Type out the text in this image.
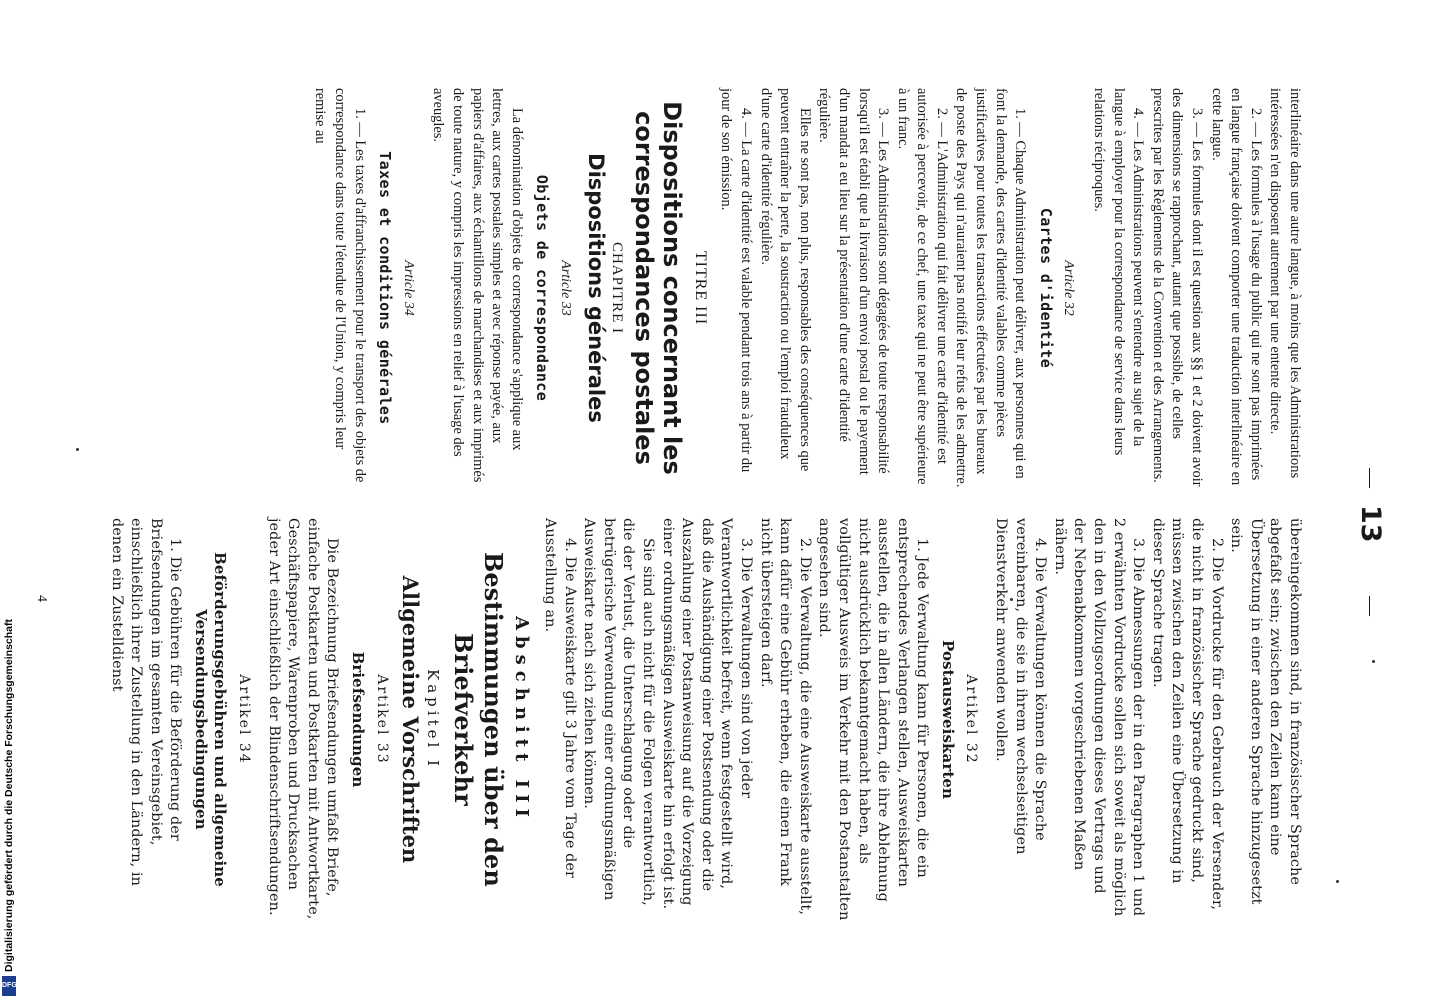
—
13
—

interlinéaire dans une autre langue, à moins que les Administrations intéressées n'en disposent autrement par une entente directe.

2. — Les formules à l'usage du public qui ne sont pas imprimées en langue française doivent comporter une traduction interlinéaire en cette langue.

3. — Les formules dont il est question aux §§ 1 et 2 doivent avoir des dimensions se rapprochant, autant que possible, de celles prescrites par les Règlements de la Convention et des Arrangements.

4. — Les Administrations peuvent s'entendre au sujet de la langue à employer pour la correspondance de service dans leurs relations réciproques.

Article 32

Cartes d'identité

1. — Chaque Administration peut délivrer, aux personnes qui en font la demande, des cartes d'identité valables comme pièces justificatives pour toutes les transactions effectuées par les bureaux de poste des Pays qui n'auraient pas notifié leur refus de les admettre.

2. — L'Administration qui fait délivrer une carte d'identité est autorisée à percevoir, de ce chef, une taxe qui ne peut être supérieure à un franc.

3. — Les Administrations sont dégagées de toute responsabilité lorsqu'il est établi que la livraison d'un envoi postal ou le payement d'un mandat a eu lieu sur la présentation d'une carte d'identité régulière.

Elles ne sont pas, non plus, responsables des conséquences que peuvent entraîner la perte, la soustraction ou l'emploi frauduleux d'une carte d'identité régulière.

4. — La carte d'identité est valable pendant trois ans à partir du jour de son émission.

TITRE III

Dispositions concernant les correspondances postales

CHAPITRE I

Dispositions générales

Article 33

Objets de correspondance

La dénomination d'objets de correspondance s'applique aux lettres, aux cartes postales simples et avec réponse payée, aux papiers d'affaires, aux échantillons de marchandises et aux imprimés de toute nature, y compris les impressions en relief à l'usage des aveugles.

Article 34

Taxes et conditions générales

1. — Les taxes d'affranchissement pour le transport des objets de correspondance dans toute l'étendue de l'Union, y compris leur remise au

übereingekommen sind, in französischer Sprache abgefaßt sein; zwischen den Zeilen kann eine Übersetzung in einer anderen Sprache hinzugesetzt sein.

2. Die Vordrucke für den Gebrauch der Versender, die nicht in französischer Sprache gedruckt sind, müssen zwischen den Zeilen eine Übersetzung in dieser Sprache tragen.

3. Die Abmessungen der in den Paragraphen 1 und 2 erwähnten Vordrucke sollen sich soweit als möglich den in den Vollzugsordnungen dieses Vertrags und der Nebenabkommen vorgeschriebenen Maßen nähern.

4. Die Verwaltungen können die Sprache vereinbaren, die sie in ihrem wechselseitigen Dienstverkehr anwenden wollen.

Artikel 32

Postausweiskarten

1. Jede Verwaltung kann für Personen, die ein entsprechendes Verlangen stellen, Ausweiskarten ausstellen, die in allen Ländern, die ihre Ablehnung nicht ausdrücklich bekanntgemacht haben, als vollgültiger Ausweis im Verkehr mit den Postanstalten angesehen sind.

2. Die Verwaltung, die eine Ausweiskarte ausstellt, kann dafür eine Gebühr erheben, die einen Frank nicht übersteigen darf.

3. Die Verwaltungen sind von jeder Verantwortlichkeit befreit, wenn festgestellt wird, daß die Aushändigung einer Postsendung oder die Auszahlung einer Postanweisung auf die Vorzeigung einer ordnungsmäßigen Ausweiskarte hin erfolgt ist.

Sie sind auch nicht für die Folgen verantwortlich, die der Verlust, die Unterschlagung oder die betrügerische Verwendung einer ordnungsmäßigen Ausweiskarte nach sich ziehen können.

4. Die Ausweiskarte gilt 3 Jahre vom Tage der Ausstellung an.

Abschnitt III

Bestimmungen über den Briefverkehr

Kapitel I

Allgemeine Vorschriften

Artikel 33

Briefsendungen

Die Bezeichnung Briefsendungen umfaßt Briefe, einfache Postkarten und Postkarten mit Antwortkarte, Geschäftspapiere, Warenproben und Drucksachen jeder Art einschließlich der Blindenschriftsendungen.

Artikel 34

Beförderungsgebühren und allgemeine Versendungsbedingungen

1. Die Gebühren für die Beförderung der Briefsendungen im gesamten Vereinsgebiet, einschließlich ihrer Zustellung in den Ländern, in denen ein Zustelldienst

4
Digitalisierung gefördert durch die Deutsche Forschungsgemeinschaft
DFG
